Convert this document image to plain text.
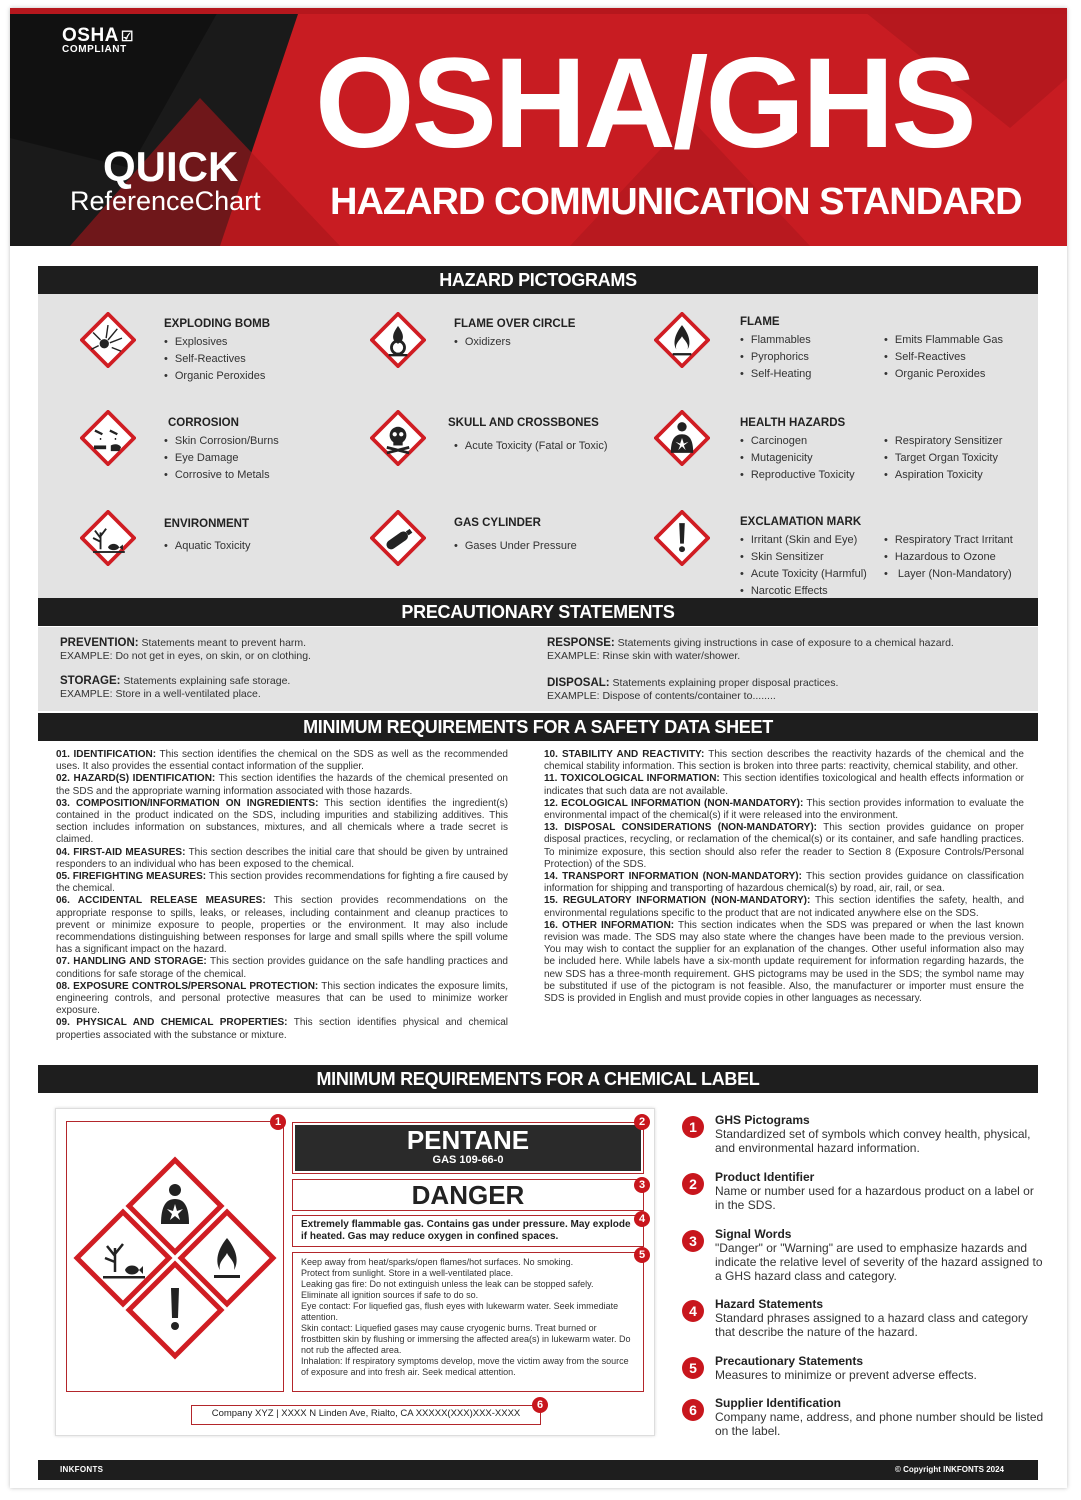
OSHA ☑
COMPLIANT
QUICK
ReferenceChart
OSHA/GHS
HAZARD COMMUNICATION STANDARD
HAZARD PICTOGRAMS
EXPLODING BOMB
• Explosives
• Self-Reactives
• Organic Peroxides
FLAME OVER CIRCLE
• Oxidizers
FLAME
• Flammables
• Pyrophorics
• Self-Heating
• Emits Flammable Gas
• Self-Reactives
• Organic Peroxides
CORROSION
• Skin Corrosion/Burns
• Eye Damage
• Corrosive to Metals
SKULL AND CROSSBONES
• Acute Toxicity (Fatal or Toxic)
HEALTH HAZARDS
• Carcinogen
• Mutagenicity
• Reproductive Toxicity
• Respiratory Sensitizer
• Target Organ Toxicity
• Aspiration Toxicity
ENVIRONMENT
• Aquatic Toxicity
GAS CYLINDER
• Gases Under Pressure
EXCLAMATION MARK
• Irritant (Skin and Eye)
• Skin Sensitizer
• Acute Toxicity (Harmful)
• Narcotic Effects
• Respiratory Tract Irritant
• Hazardous to Ozone
• Layer (Non-Mandatory)
PRECAUTIONARY STATEMENTS
PREVENTION: Statements meant to prevent harm.
EXAMPLE: Do not get in eyes, on skin, or on clothing.
STORAGE: Statements explaining safe storage.
EXAMPLE: Store in a well-ventilated place.
RESPONSE: Statements giving instructions in case of exposure to a chemical hazard.
EXAMPLE: Rinse skin with water/shower.
DISPOSAL: Statements explaining proper disposal practices.
EXAMPLE: Dispose of contents/container to........
MINIMUM REQUIREMENTS FOR A SAFETY DATA SHEET

01. IDENTIFICATION: This section identifies the chemical on the SDS as well as the recommended uses. It also provides the essential contact information of the supplier.

02. HAZARD(S) IDENTIFICATION: This section identifies the hazards of the chemical presented on the SDS and the appropriate warning information associated with those hazards.

03. COMPOSITION/INFORMATION ON INGREDIENTS: This section identifies the ingredient(s) contained in the product indicated on the SDS, including impurities and stabilizing additives. This section includes information on substances, mixtures, and all chemicals where a trade secret is claimed.

04. FIRST-AID MEASURES: This section describes the initial care that should be given by untrained responders to an individual who has been exposed to the chemical.

05. FIREFIGHTING MEASURES: This section provides recommendations for fighting a fire caused by the chemical.

06. ACCIDENTAL RELEASE MEASURES: This section provides recommendations on the appropriate response to spills, leaks, or releases, including containment and cleanup practices to prevent or minimize exposure to people, properties or the environment. It may also include recommendations distinguishing between responses for large and small spills where the spill volume has a significant impact on the hazard.

07. HANDLING AND STORAGE: This section provides guidance on the safe handling practices and conditions for safe storage of the chemical.

08. EXPOSURE CONTROLS/PERSONAL PROTECTION: This section indicates the exposure limits, engineering controls, and personal protective measures that can be used to minimize worker exposure.

09. PHYSICAL AND CHEMICAL PROPERTIES: This section identifies physical and chemical properties associated with the substance or mixture.

10. STABILITY AND REACTIVITY: This section describes the reactivity hazards of the chemical and the chemical stability information. This section is broken into three parts: reactivity, chemical stability, and other.

11. TOXICOLOGICAL INFORMATION: This section identifies toxicological and health effects information or indicates that such data are not available.

12. ECOLOGICAL INFORMATION (NON-MANDATORY): This section provides information to evaluate the environmental impact of the chemical(s) if it were released into the environment.

13. DISPOSAL CONSIDERATIONS (NON-MANDATORY): This section provides guidance on proper disposal practices, recycling, or reclamation of the chemical(s) or its container, and safe handling practices. To minimize exposure, this section should also refer the reader to Section 8 (Exposure Controls/Personal Protection) of the SDS.

14. TRANSPORT INFORMATION (NON-MANDATORY): This section provides guidance on classification information for shipping and transporting of hazardous chemical(s) by road, air, rail, or sea.

15. REGULATORY INFORMATION (NON-MANDATORY): This section identifies the safety, health, and environmental regulations specific to the product that are not indicated anywhere else on the SDS.

16. OTHER INFORMATION: This section indicates when the SDS was prepared or when the last known revision was made. The SDS may also state where the changes have been made to the previous version. You may wish to contact the supplier for an explanation of the changes. Other useful information also may be included here. While labels have a six-month update requirement for information regarding hazards, the new SDS has a three-month requirement. GHS pictograms may be used in the SDS; the symbol name may be substituted if use of the pictogram is not feasible. Also, the manufacturer or importer must ensure the SDS is provided in English and must provide copies in other languages as necessary.

MINIMUM REQUIREMENTS FOR A CHEMICAL LABEL
1
PENTANE
GAS 109-66-0
2
DANGER	3
Extremely flammable gas. Contains gas under pressure. May explode if heated. Gas may reduce oxygen in confined spaces.
4
Keep away from heat/sparks/open flames/hot surfaces. No smoking.
Protect from sunlight. Store in a well-ventilated place.
Leaking gas fire: Do not extinguish unless the leak can be stopped safely.
Eliminate all ignition sources if safe to do so.
Eye contact: For liquefied gas, flush eyes with lukewarm water. Seek immediate attention.
Skin contact: Liquefied gases may cause cryogenic burns. Treat burned or frostbitten skin by flushing or immersing the affected area(s) in lukewarm water. Do not rub the affected area.
Inhalation: If respiratory symptoms develop, move the victim away from the source of exposure and into fresh air. Seek medical attention.
5
Company XYZ | XXXX N Linden Ave, Rialto, CA XXXXX(XXX)XXX-XXXX
6
1	GHS Pictograms
Standardized set of symbols which convey health, physical, and environmental hazard information.
2	Product Identifier
Name or number used for a hazardous product on a label or in the SDS.
3	Signal Words
"Danger" or "Warning" are used to emphasize hazards and indicate the relative level of severity of the hazard assigned to a GHS hazard class and category.
4	Hazard Statements
Standard phrases assigned to a hazard class and category that describe the nature of the hazard.
5	Precautionary Statements
Measures to minimize or prevent adverse effects.
6	Supplier Identification
Company name, address, and phone number should be listed on the label.
INKFONTS	© Copyright INKFONTS 2024
